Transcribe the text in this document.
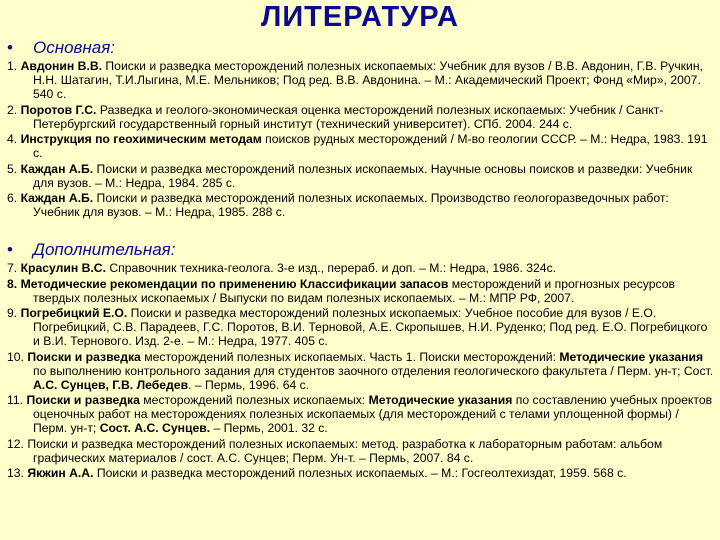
ЛИТЕРАТУРА
• Основная:
1. Авдонин В.В. Поиски и разведка месторождений полезных ископаемых: Учебник для вузов / В.В. Авдонин, Г.В. Ручкин, Н.Н. Шатагин, Т.И.Лыгина, М.Е. Мельников; Под ред. В.В. Авдонина. – М.: Академический Проект; Фонд «Мир», 2007. 540 с.
2. Поротов Г.С. Разведка и геолого-экономическая оценка месторождений полезных ископаемых: Учебник / Санкт-Петербургский государственный горный институт (технический университет). СПб. 2004. 244 с.
4. Инструкция по геохимическим методам поисков рудных месторождений / М-во геологии СССР. – М.: Недра, 1983. 191 с.
5. Каждан А.Б. Поиски и разведка месторождений полезных ископаемых. Научные основы поисков и разведки: Учебник для вузов. – М.: Недра, 1984. 285 с.
6. Каждан А.Б. Поиски и разведка месторождений полезных ископаемых. Производство геологоразведочных работ: Учебник для вузов. – М.: Недра, 1985. 288 с.
• Дополнительная:
7. Красулин В.С. Справочник техника-геолога. 3-е изд., перераб. и доп. – М.: Недра, 1986. 324с.
8. Методические рекомендации по применению Классификации запасов месторождений и прогнозных ресурсов твердых полезных ископаемых / Выпуски по видам полезных ископаемых. – М.: МПР РФ, 2007.
9. Погребицкий Е.О. Поиски и разведка месторождений полезных ископаемых: Учебное пособие для вузов / Е.О. Погребицкий, С.В. Парадеев, Г.С. Поротов, В.И. Терновой, А.Е. Скропышев, Н.И. Руденко; Под ред. Е.О. Погребицкого и В.И. Терновогo. Изд. 2-е. – М.: Недра, 1977. 405 с.
10. Поиски и разведка месторождений полезных ископаемых. Часть 1. Поиски месторождений: Методические указания по выполнению контрольного задания для студентов заочного отделения геологического факультета / Перм. ун-т; Сост. А.С. Сунцев, Г.В. Лебедев. – Пермь, 1996. 64 с.
11. Поиски и разведка месторождений полезных ископаемых: Методические указания по составлению учебных проектов оценочных работ на месторождениях полезных ископаемых (для месторождений с телами уплощенной формы) / Перм. ун-т; Сост. А.С. Сунцев. – Пермь, 2001. 32 с.
12. Поиски и разведка месторождений полезных ископаемых: метод. разработка к лабораторным работам: альбом графических материалов / сост. А.С. Сунцев; Перм. Ун-т. – Пермь, 2007. 84 с.
13. Якжин А.А. Поиски и разведка месторождений полезных ископаемых. – М.: Госгеолтехиздат, 1959. 568 с.
